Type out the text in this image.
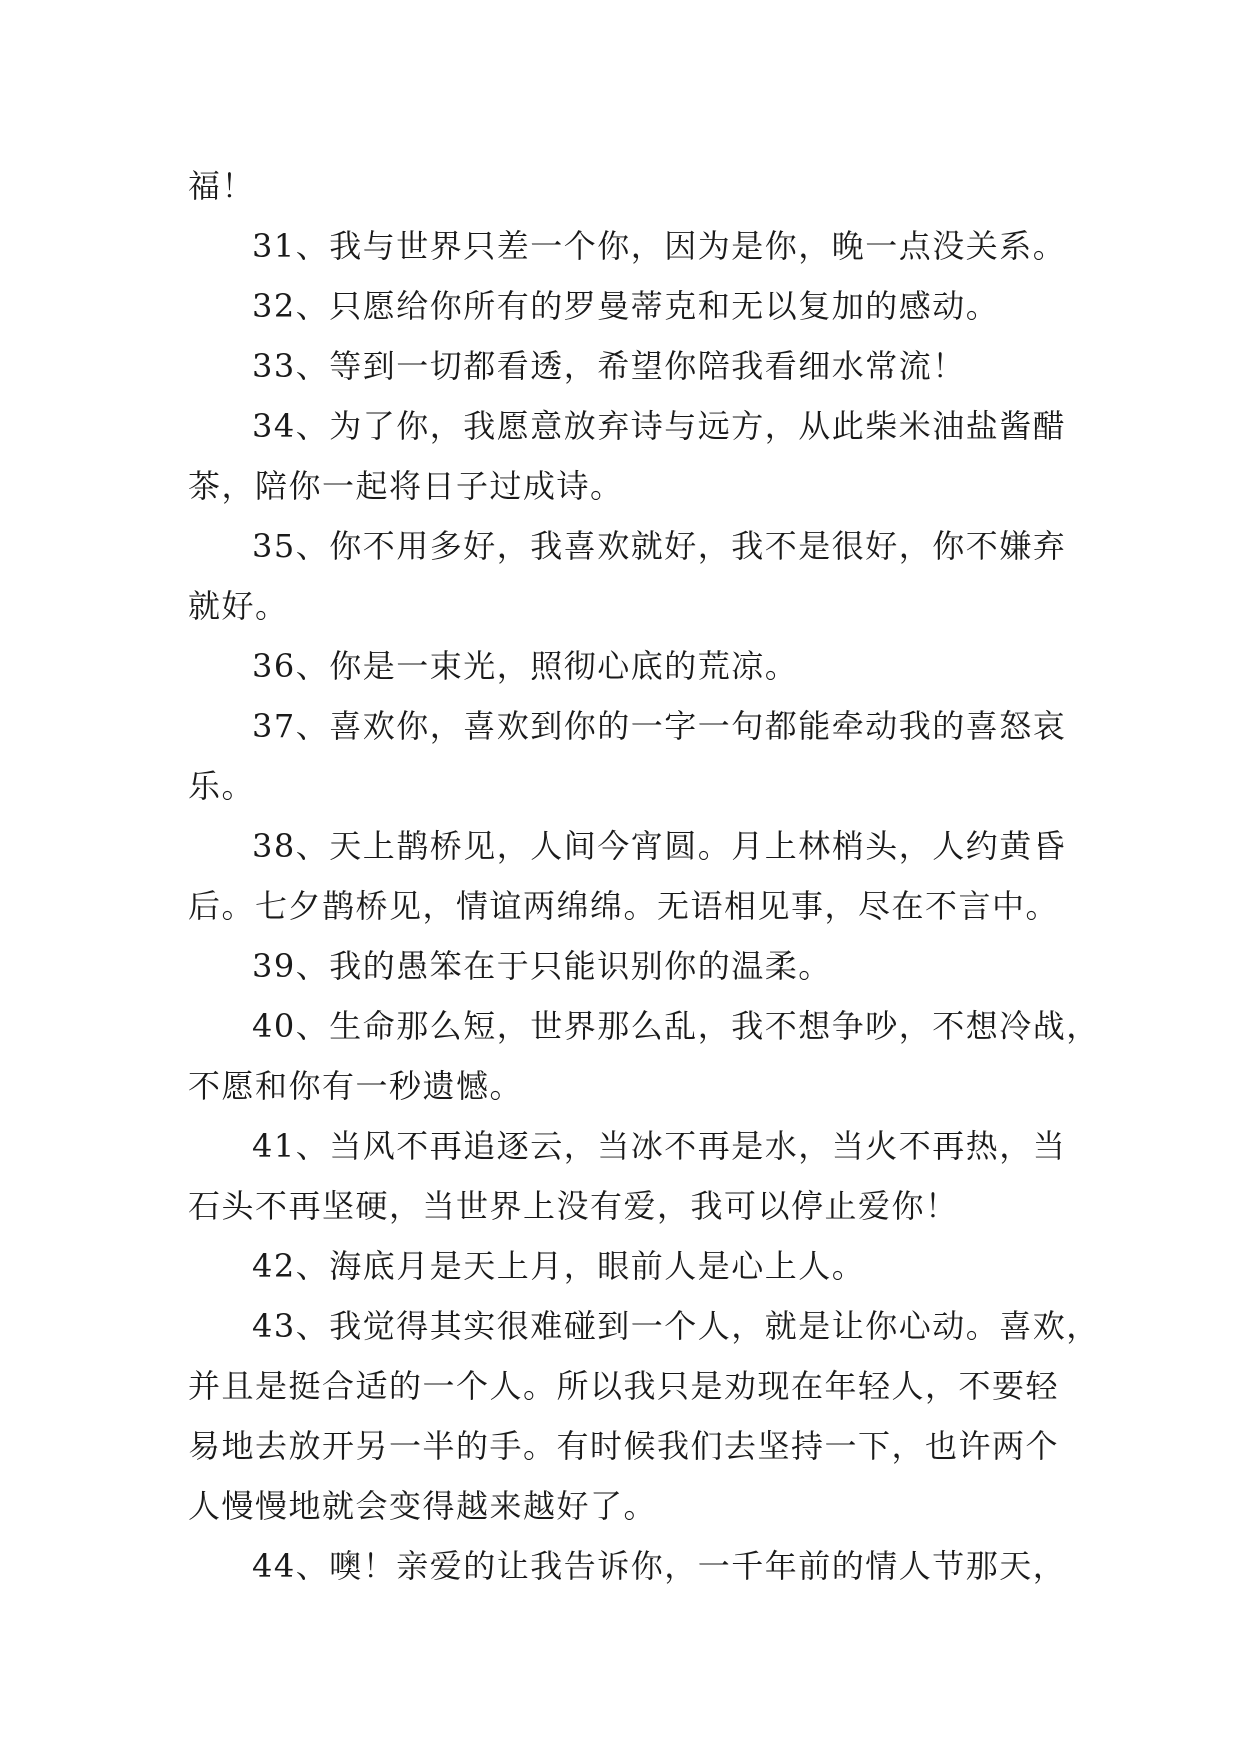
福！
31、我与世界只差一个你，因为是你，晚一点没关系。
32、只愿给你所有的罗曼蒂克和无以复加的感动。
33、等到一切都看透，希望你陪我看细水常流！
34、为了你，我愿意放弃诗与远方，从此柴米油盐酱醋
茶，陪你一起将日子过成诗。
35、你不用多好，我喜欢就好，我不是很好，你不嫌弃
就好。
36、你是一束光，照彻心底的荒凉。
37、喜欢你，喜欢到你的一字一句都能牵动我的喜怒哀
乐。
38、天上鹊桥见，人间今宵圆。月上林梢头，人约黄昏
后。七夕鹊桥见，情谊两绵绵。无语相见事，尽在不言中。
39、我的愚笨在于只能识别你的温柔。
40、生命那么短，世界那么乱，我不想争吵，不想冷战，
不愿和你有一秒遗憾。
41、当风不再追逐云，当冰不再是水，当火不再热，当
石头不再坚硬，当世界上没有爱，我可以停止爱你！
42、海底月是天上月，眼前人是心上人。
43、我觉得其实很难碰到一个人，就是让你心动。喜欢，
并且是挺合适的一个人。所以我只是劝现在年轻人，不要轻
易地去放开另一半的手。有时候我们去坚持一下，也许两个
人慢慢地就会变得越来越好了。
44、噢！亲爱的让我告诉你，一千年前的情人节那天，
